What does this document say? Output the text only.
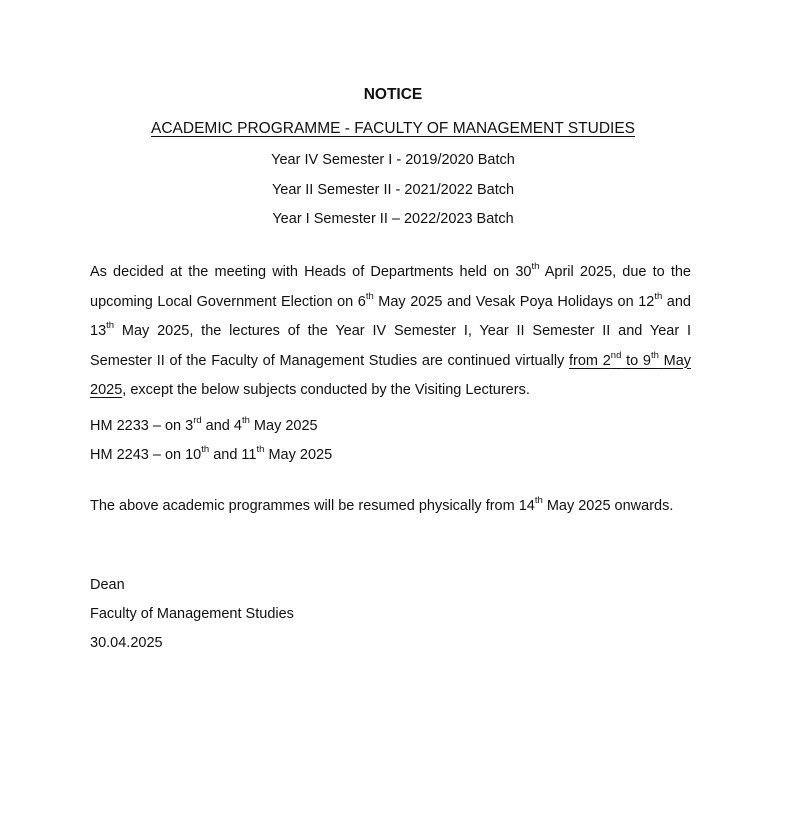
NOTICE
ACADEMIC PROGRAMME - FACULTY OF MANAGEMENT STUDIES
Year IV Semester I - 2019/2020 Batch
Year II Semester II - 2021/2022 Batch
Year I Semester II – 2022/2023 Batch
As decided at the meeting with Heads of Departments held on 30th April 2025, due to the upcoming Local Government Election on 6th May 2025 and Vesak Poya Holidays on 12th and 13th May 2025, the lectures of the Year IV Semester I, Year II Semester II and Year I Semester II of the Faculty of Management Studies are continued virtually from 2nd to 9th May 2025, except the below subjects conducted by the Visiting Lecturers.
HM 2233 – on 3rd and 4th May 2025
HM 2243 – on 10th and 11th May 2025
The above academic programmes will be resumed physically from 14th May 2025 onwards.
Dean
Faculty of Management Studies
30.04.2025
